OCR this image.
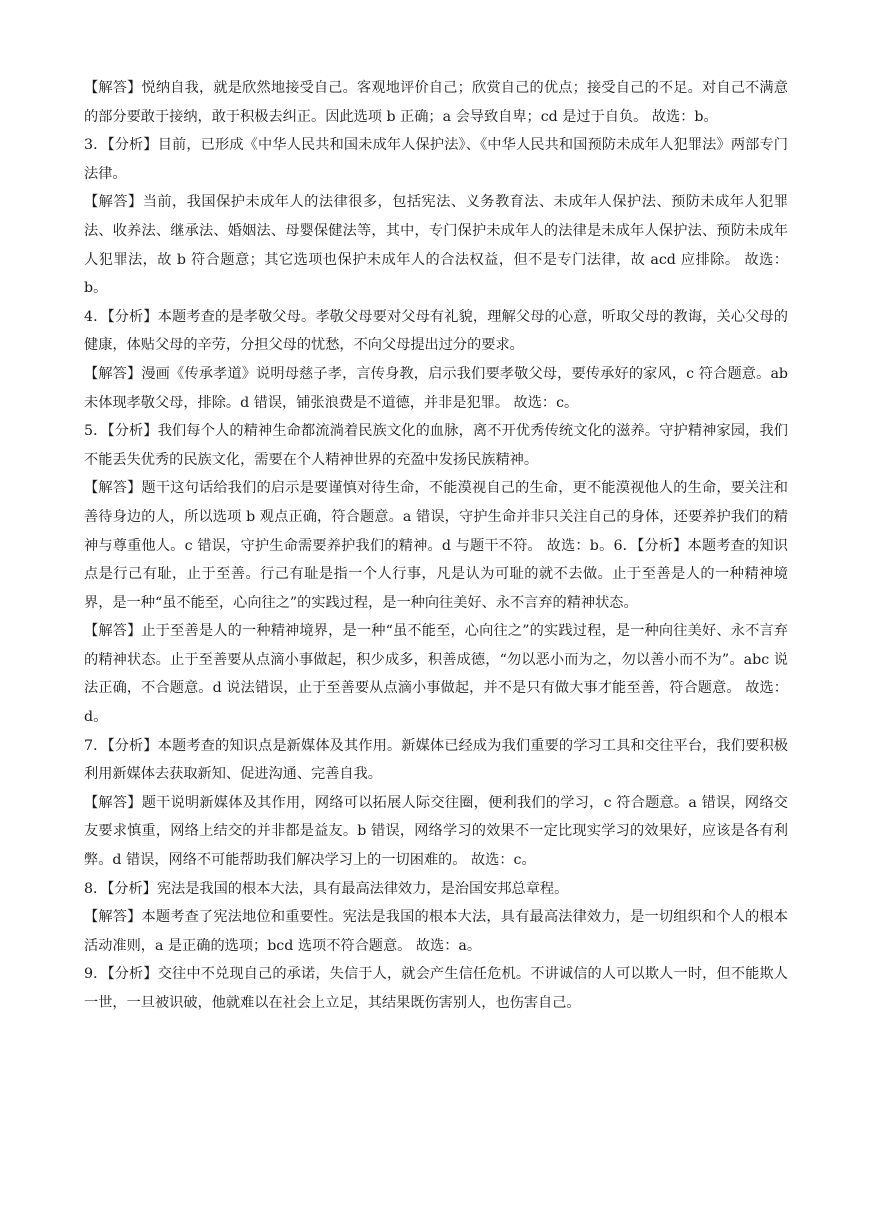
【解答】悦纳自我，就是欣然地接受自己。客观地评价自己；欣赏自己的优点；接受自己的不足。对自己不满意的部分要敢于接纳，敢于积极去纠正。因此选项 b 正确；a 会导致自卑；cd 是过于自负。 故选：b。

3．【分析】目前，已形成《中华人民共和国未成年人保护法》、《中华人民共和国预防未成年人犯罪法》两部专门法律。

【解答】当前，我国保护未成年人的法律很多，包括宪法、义务教育法、未成年人保护法、预防未成年人犯罪法、收养法、继承法、婚姻法、母婴保健法等，其中，专门保护未成年人的法律是未成年人保护法、预防未成年人犯罪法，故 b 符合题意；其它选项也保护未成年人的合法权益，但不是专门法律，故 acd 应排除。 故选：b。

4．【分析】本题考查的是孝敬父母。孝敬父母要对父母有礼貌，理解父母的心意，听取父母的教诲，关心父母的健康，体贴父母的辛劳，分担父母的忧愁，不向父母提出过分的要求。

【解答】漫画《传承孝道》说明母慈子孝，言传身教，启示我们要孝敬父母，要传承好的家风，c 符合题意。ab 未体现孝敬父母，排除。d 错误，铺张浪费是不道德，并非是犯罪。 故选：c。

5．【分析】我们每个人的精神生命都流淌着民族文化的血脉，离不开优秀传统文化的滋养。守护精神家园，我们不能丢失优秀的民族文化，需要在个人精神世界的充盈中发扬民族精神。

【解答】题干这句话给我们的启示是要谨慎对待生命，不能漠视自己的生命，更不能漠视他人的生命，要关注和善待身边的人，所以选项 b 观点正确，符合题意。a 错误，守护生命并非只关注自己的身体，还要养护我们的精神与尊重他人。c 错误，守护生命需要养护我们的精神。d 与题干不符。 故选：b。6．【分析】本题考查的知识点是行己有耻，止于至善。行己有耻是指一个人行事，凡是认为可耻的就不去做。止于至善是人的一种精神境界，是一种“虽不能至，心向往之”的实践过程，是一种向往美好、永不言弃的精神状态。

【解答】止于至善是人的一种精神境界，是一种“虽不能至，心向往之”的实践过程，是一种向往美好、永不言弃的精神状态。止于至善要从点滴小事做起，积少成多，积善成德，“勿以恶小而为之，勿以善小而不为”。abc 说法正确，不合题意。d 说法错误，止于至善要从点滴小事做起，并不是只有做大事才能至善，符合题意。 故选：d。

7．【分析】本题考查的知识点是新媒体及其作用。新媒体已经成为我们重要的学习工具和交往平台，我们要积极利用新媒体去获取新知、促进沟通、完善自我。

【解答】题干说明新媒体及其作用，网络可以拓展人际交往圈，便利我们的学习，c 符合题意。a 错误，网络交友要求慎重，网络上结交的并非都是益友。b 错误，网络学习的效果不一定比现实学习的效果好，应该是各有利弊。d 错误，网络不可能帮助我们解决学习上的一切困难的。 故选：c。

8．【分析】宪法是我国的根本大法，具有最高法律效力，是治国安邦总章程。

【解答】本题考查了宪法地位和重要性。宪法是我国的根本大法，具有最高法律效力，是一切组织和个人的根本活动准则，a 是正确的选项；bcd 选项不符合题意。 故选：a。

9．【分析】交往中不兑现自己的承诺，失信于人，就会产生信任危机。不讲诚信的人可以欺人一时，但不能欺人一世，一旦被识破，他就难以在社会上立足，其结果既伤害别人，也伤害自己。
